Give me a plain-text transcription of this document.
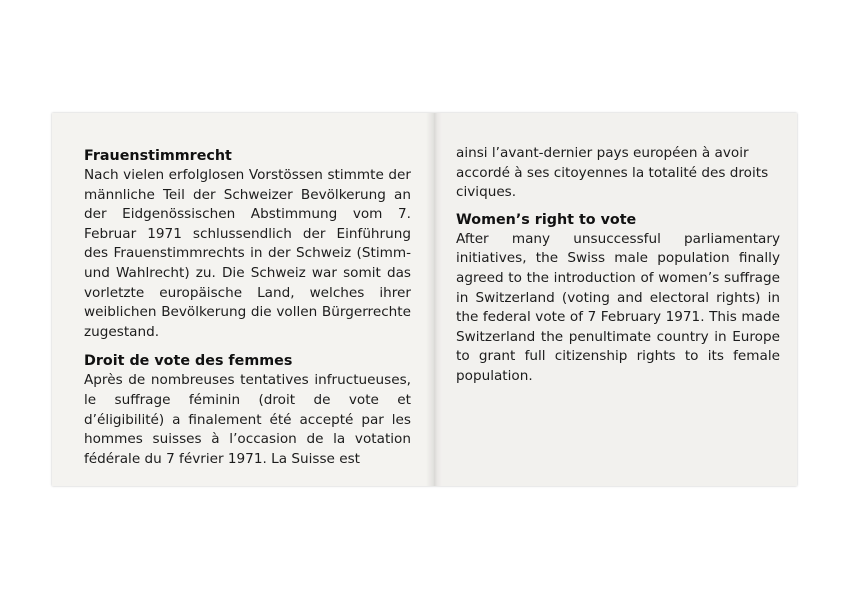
Frauenstimmrecht

Nach vielen erfolglosen Vorstössen stimmte der männliche Teil der Schweizer Bevölkerung an der Eidgenössischen Abstimmung vom 7. Februar 1971 schlussendlich der Einführung des Frauenstimmrechts in der Schweiz (Stimm- und Wahlrecht) zu. Die Schweiz war somit das vorletzte europäische Land, welches ihrer weiblichen Bevölkerung die vollen Bürgerrechte zugestand.

Droit de vote des femmes

Après de nombreuses tentatives infructueuses, le suffrage féminin (droit de vote et d’éligibilité) a finalement été accepté par les hommes suisses à l’occasion de la votation fédérale du 7 février 1971. La Suisse est

ainsi l’avant-dernier pays européen à avoir accordé à ses citoyennes la totalité des droits civiques.

Women’s right to vote

After many unsuccessful parliamentary initiatives, the Swiss male population finally agreed to the introduction of women’s suffrage in Switzerland (voting and electoral rights) in the federal vote of 7 February 1971. This made Switzerland the penultimate country in Europe to grant full citizenship rights to its female population.
